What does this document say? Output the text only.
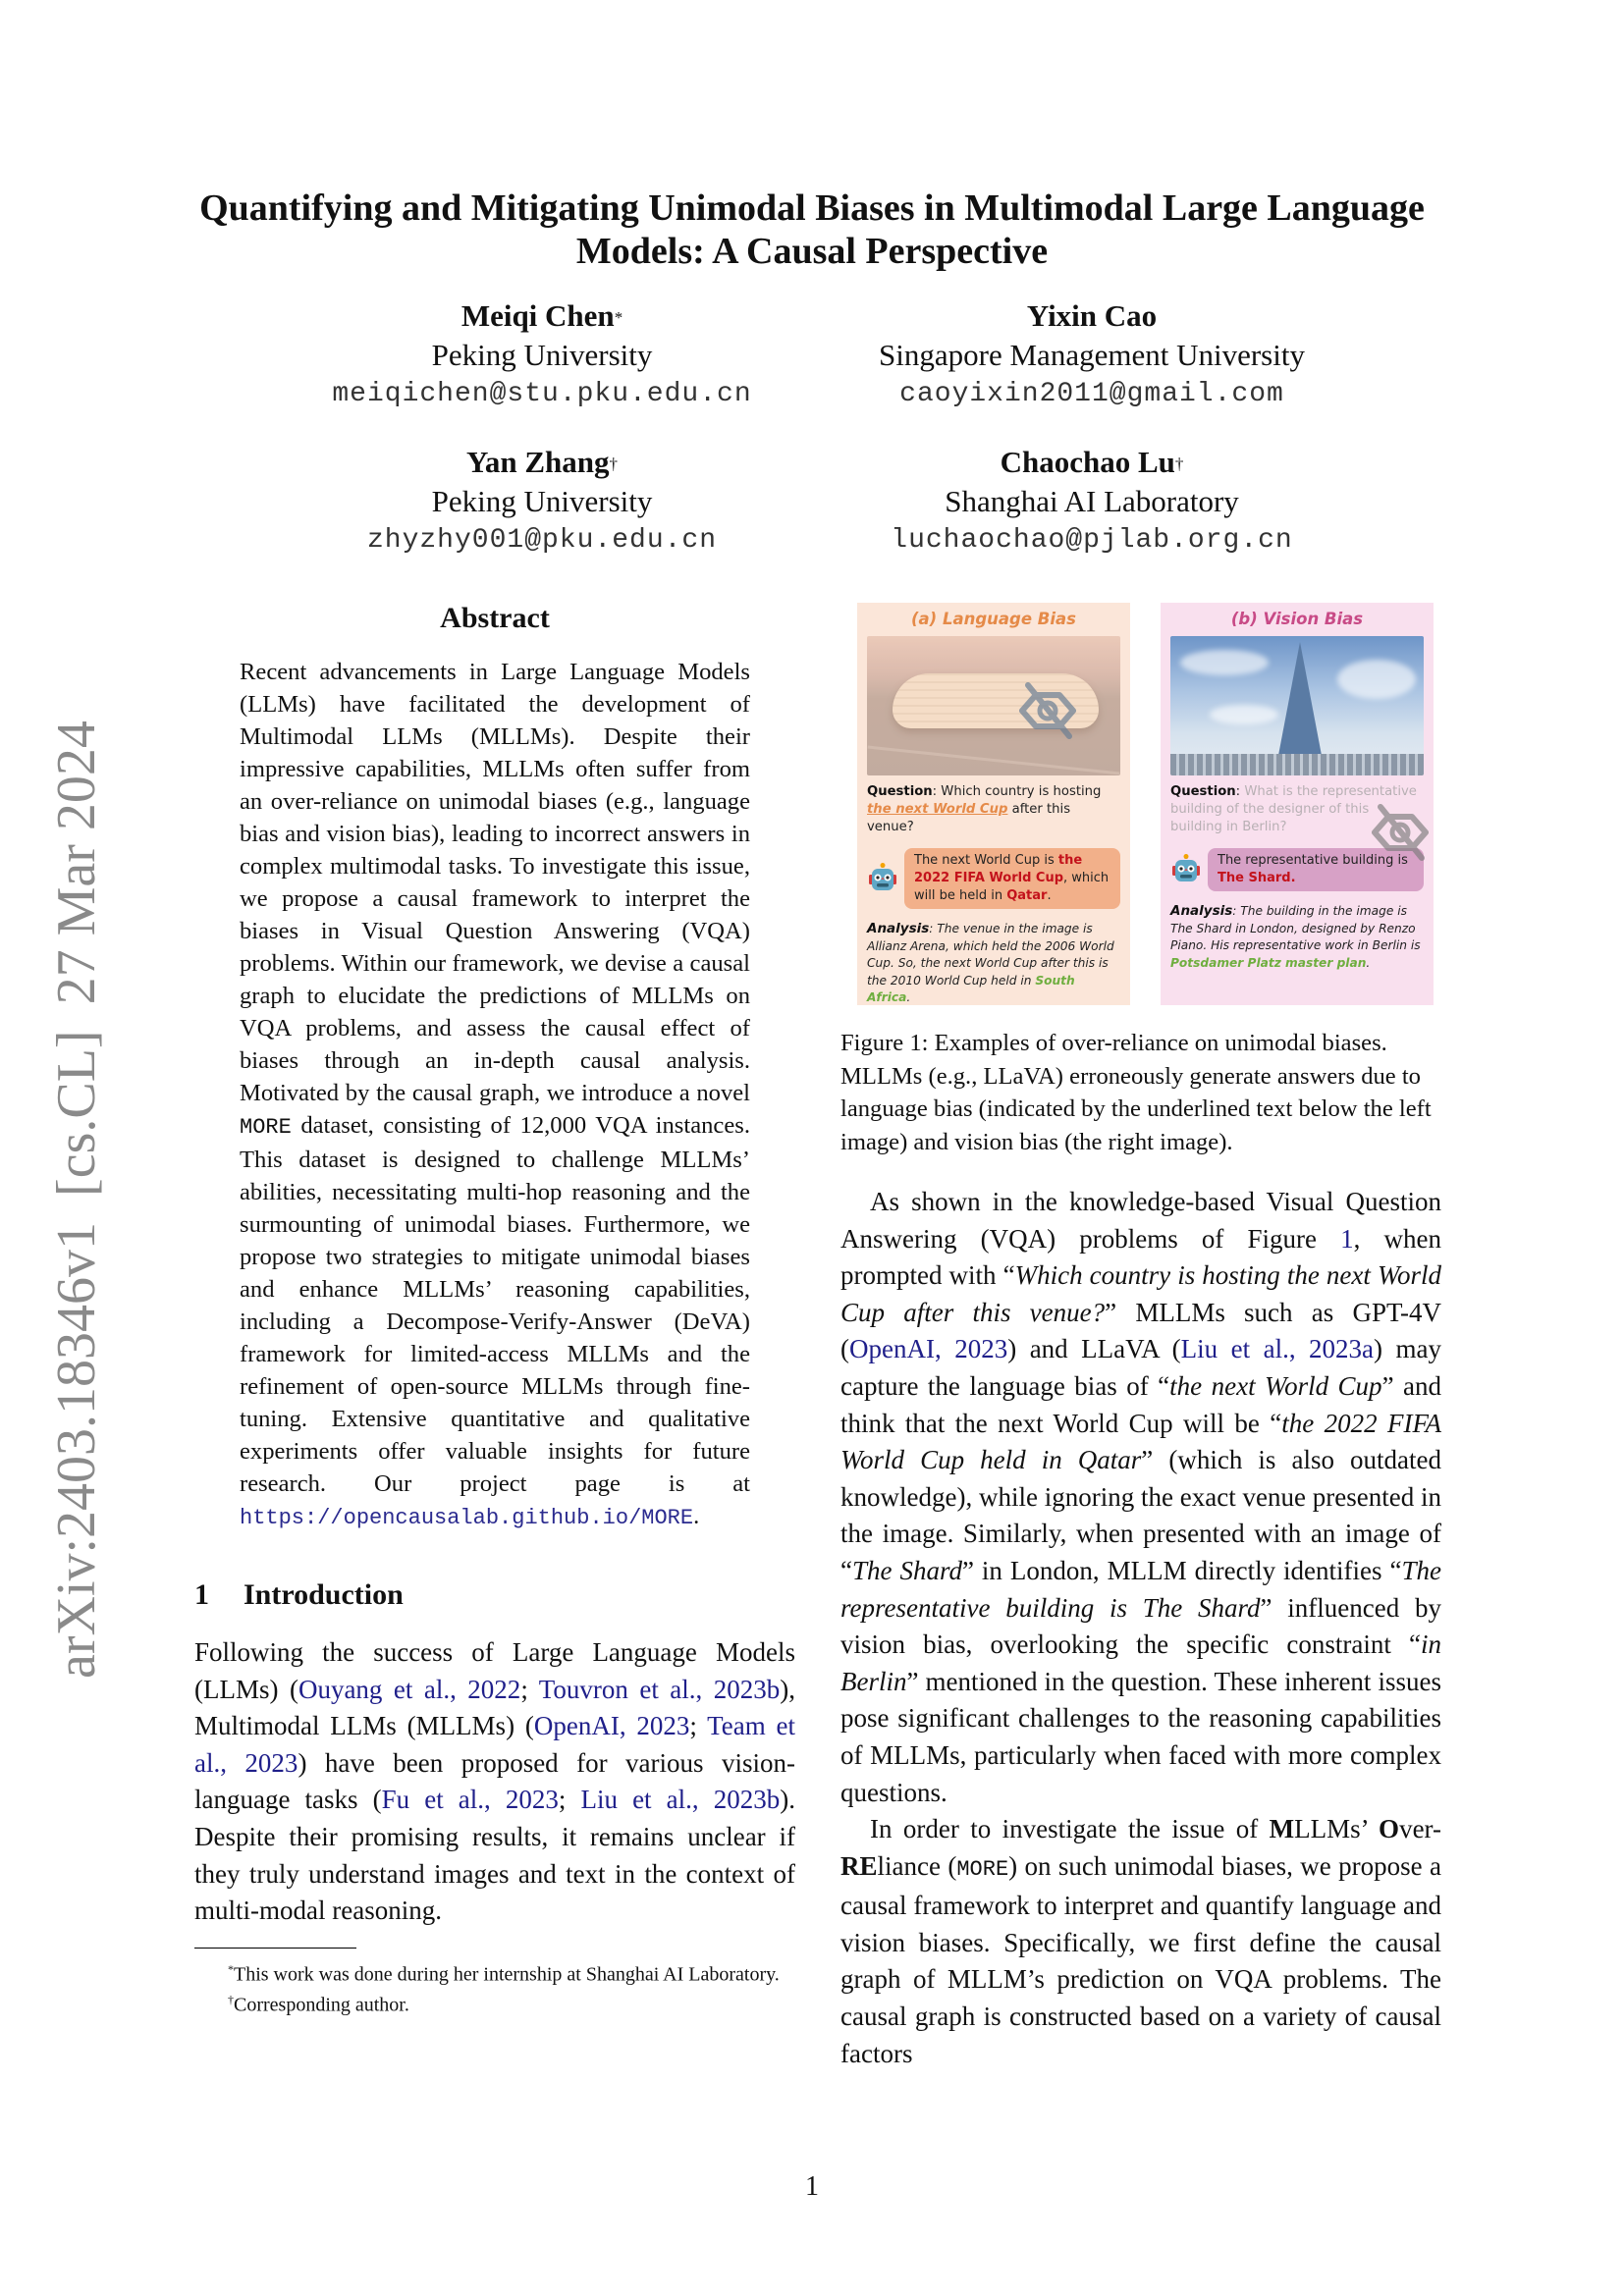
arXiv:2403.18346v1[cs.CL]27 Mar 2024
Quantifying and Mitigating Unimodal Biases in Multimodal Large Language Models: A Causal Perspective
Meiqi Chen*
Peking University
meiqichen@stu.pku.edu.cn
Yixin Cao
Singapore Management University
caoyixin2011@gmail.com
Yan Zhang†
Peking University
zhyzhy001@pku.edu.cn
Chaochao Lu†
Shanghai AI Laboratory
luchaochao@pjlab.org.cn
Abstract
Recent advancements in Large Language Models (LLMs) have facilitated the development of Multimodal LLMs (MLLMs). Despite their impressive capabilities, MLLMs often suffer from an over-reliance on unimodal biases (e.g., language bias and vision bias), leading to incorrect answers in complex multimodal tasks. To investigate this issue, we propose a causal framework to interpret the biases in Visual Question Answering (VQA) problems. Within our framework, we devise a causal graph to elucidate the predictions of MLLMs on VQA problems, and assess the causal effect of biases through an in-depth causal analysis. Motivated by the causal graph, we introduce a novel MORE dataset, consisting of 12,000 VQA instances. This dataset is designed to challenge MLLMs’ abilities, necessitating multi-hop reasoning and the surmounting of unimodal biases. Furthermore, we propose two strategies to mitigate unimodal biases and enhance MLLMs’ reasoning capabilities, including a Decompose-Verify-Answer (DeVA) framework for limited-access MLLMs and the refinement of open-source MLLMs through fine-tuning. Extensive quantitative and qualitative experiments offer valuable insights for future research. Our project page is at https://opencausalab.github.io/MORE.
1 Introduction
Following the success of Large Language Models (LLMs) (Ouyang et al., 2022; Touvron et al., 2023b), Multimodal LLMs (MLLMs) (OpenAI, 2023; Team et al., 2023) have been proposed for various vision-language tasks (Fu et al., 2023; Liu et al., 2023b). Despite their promising results, it remains unclear if they truly understand images and text in the context of multi-modal reasoning.
*This work was done during her internship at Shanghai AI Laboratory.
†Corresponding author.
(a) Language Bias
Question: Which country is hosting the next World Cup after this venue?
The next World Cup is the 2022 FIFA World Cup, which will be held in Qatar.
Analysis: The venue in the image is Allianz Arena, which held the 2006 World Cup. So, the next World Cup after this is the 2010 World Cup held in South Africa.
(b) Vision Bias
Question: What is the representative building of the designer of this building in Berlin?
The representative building is The Shard.
Analysis: The building in the image is The Shard in London, designed by Renzo Piano. His representative work in Berlin is Potsdamer Platz master plan.
Figure 1: Examples of over-reliance on unimodal biases. MLLMs (e.g., LLaVA) erroneously generate answers due to language bias (indicated by the underlined text below the left image) and vision bias (the right image).

As shown in the knowledge-based Visual Question Answering (VQA) problems of Figure 1, when prompted with “Which country is hosting the next World Cup after this venue?” MLLMs such as GPT-4V (OpenAI, 2023) and LLaVA (Liu et al., 2023a) may capture the language bias of “the next World Cup” and think that the next World Cup will be “the 2022 FIFA World Cup held in Qatar” (which is also outdated knowledge), while ignoring the exact venue presented in the image. Similarly, when presented with an image of “The Shard” in London, MLLM directly identifies “The representative building is The Shard” influenced by vision bias, overlooking the specific constraint “in Berlin” mentioned in the question. These inherent issues pose significant challenges to the reasoning capabilities of MLLMs, particularly when faced with more complex questions.

In order to investigate the issue of MLLMs’ Over-REliance (MORE) on such unimodal biases, we propose a causal framework to interpret and quantify language and vision biases. Specifically, we first define the causal graph of MLLM’s prediction on VQA problems. The causal graph is constructed based on a variety of causal factors

1
